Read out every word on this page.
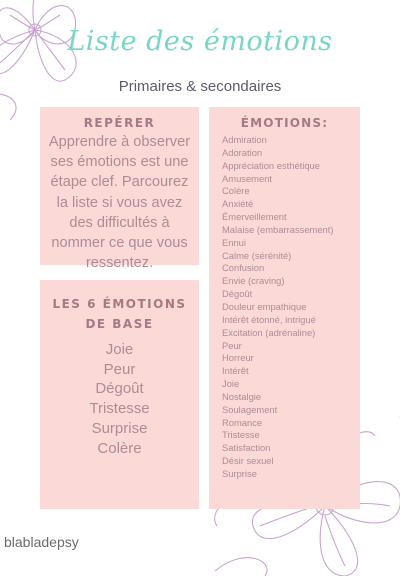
Liste des émotions
Primaires & secondaires
REPÉRER
Apprendre à observer ses émotions est une étape clef. Parcourez la liste si vous avez des difficultés à nommer ce que vous ressentez.
LES 6 ÉMOTIONS DE BASE
Joie
Peur
Dégoût
Tristesse
Surprise
Colère
ÉMOTIONS:
Admiration
Adoration
Appréciation esthétique
Amusement
Colère
Anxiété
Émerveillement
Malaise (embarrassement)
Ennui
Calme (sérénité)
Confusion
Envie (craving)
Dégoût
Douleur empathique
Intérêt étonné, intrigué
Excitation (adrénaline)
Peur
Horreur
Intérêt
Joie
Nostalgie
Soulagement
Romance
Tristesse
Satisfaction
Désir sexuel
Surprise
blabladepsy
